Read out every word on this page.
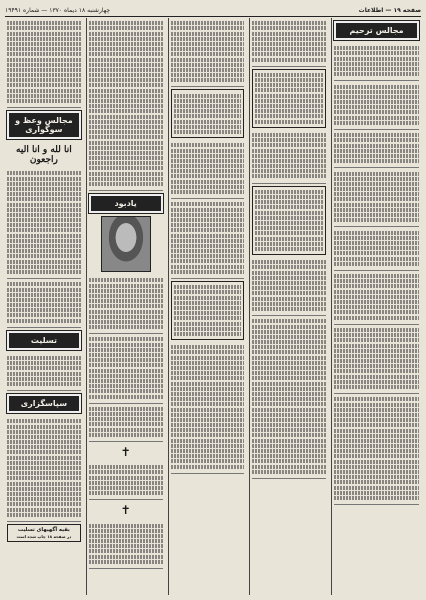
صفحه ۱۹ — اطلاعات
چهارشنبه ۱۸ دیماه ۱۳۷۰ — شماره ۱۹۴۹۱
مجالس ترحیم
یادبود
✝
✝
مجالس وعظ و سوگواری
انا لله و انا الیه راجعون
تسلیت
سپاسگزاری
بقیه آگهیهای تسلیت
در صفحه ۱۸ چاپ شده است
